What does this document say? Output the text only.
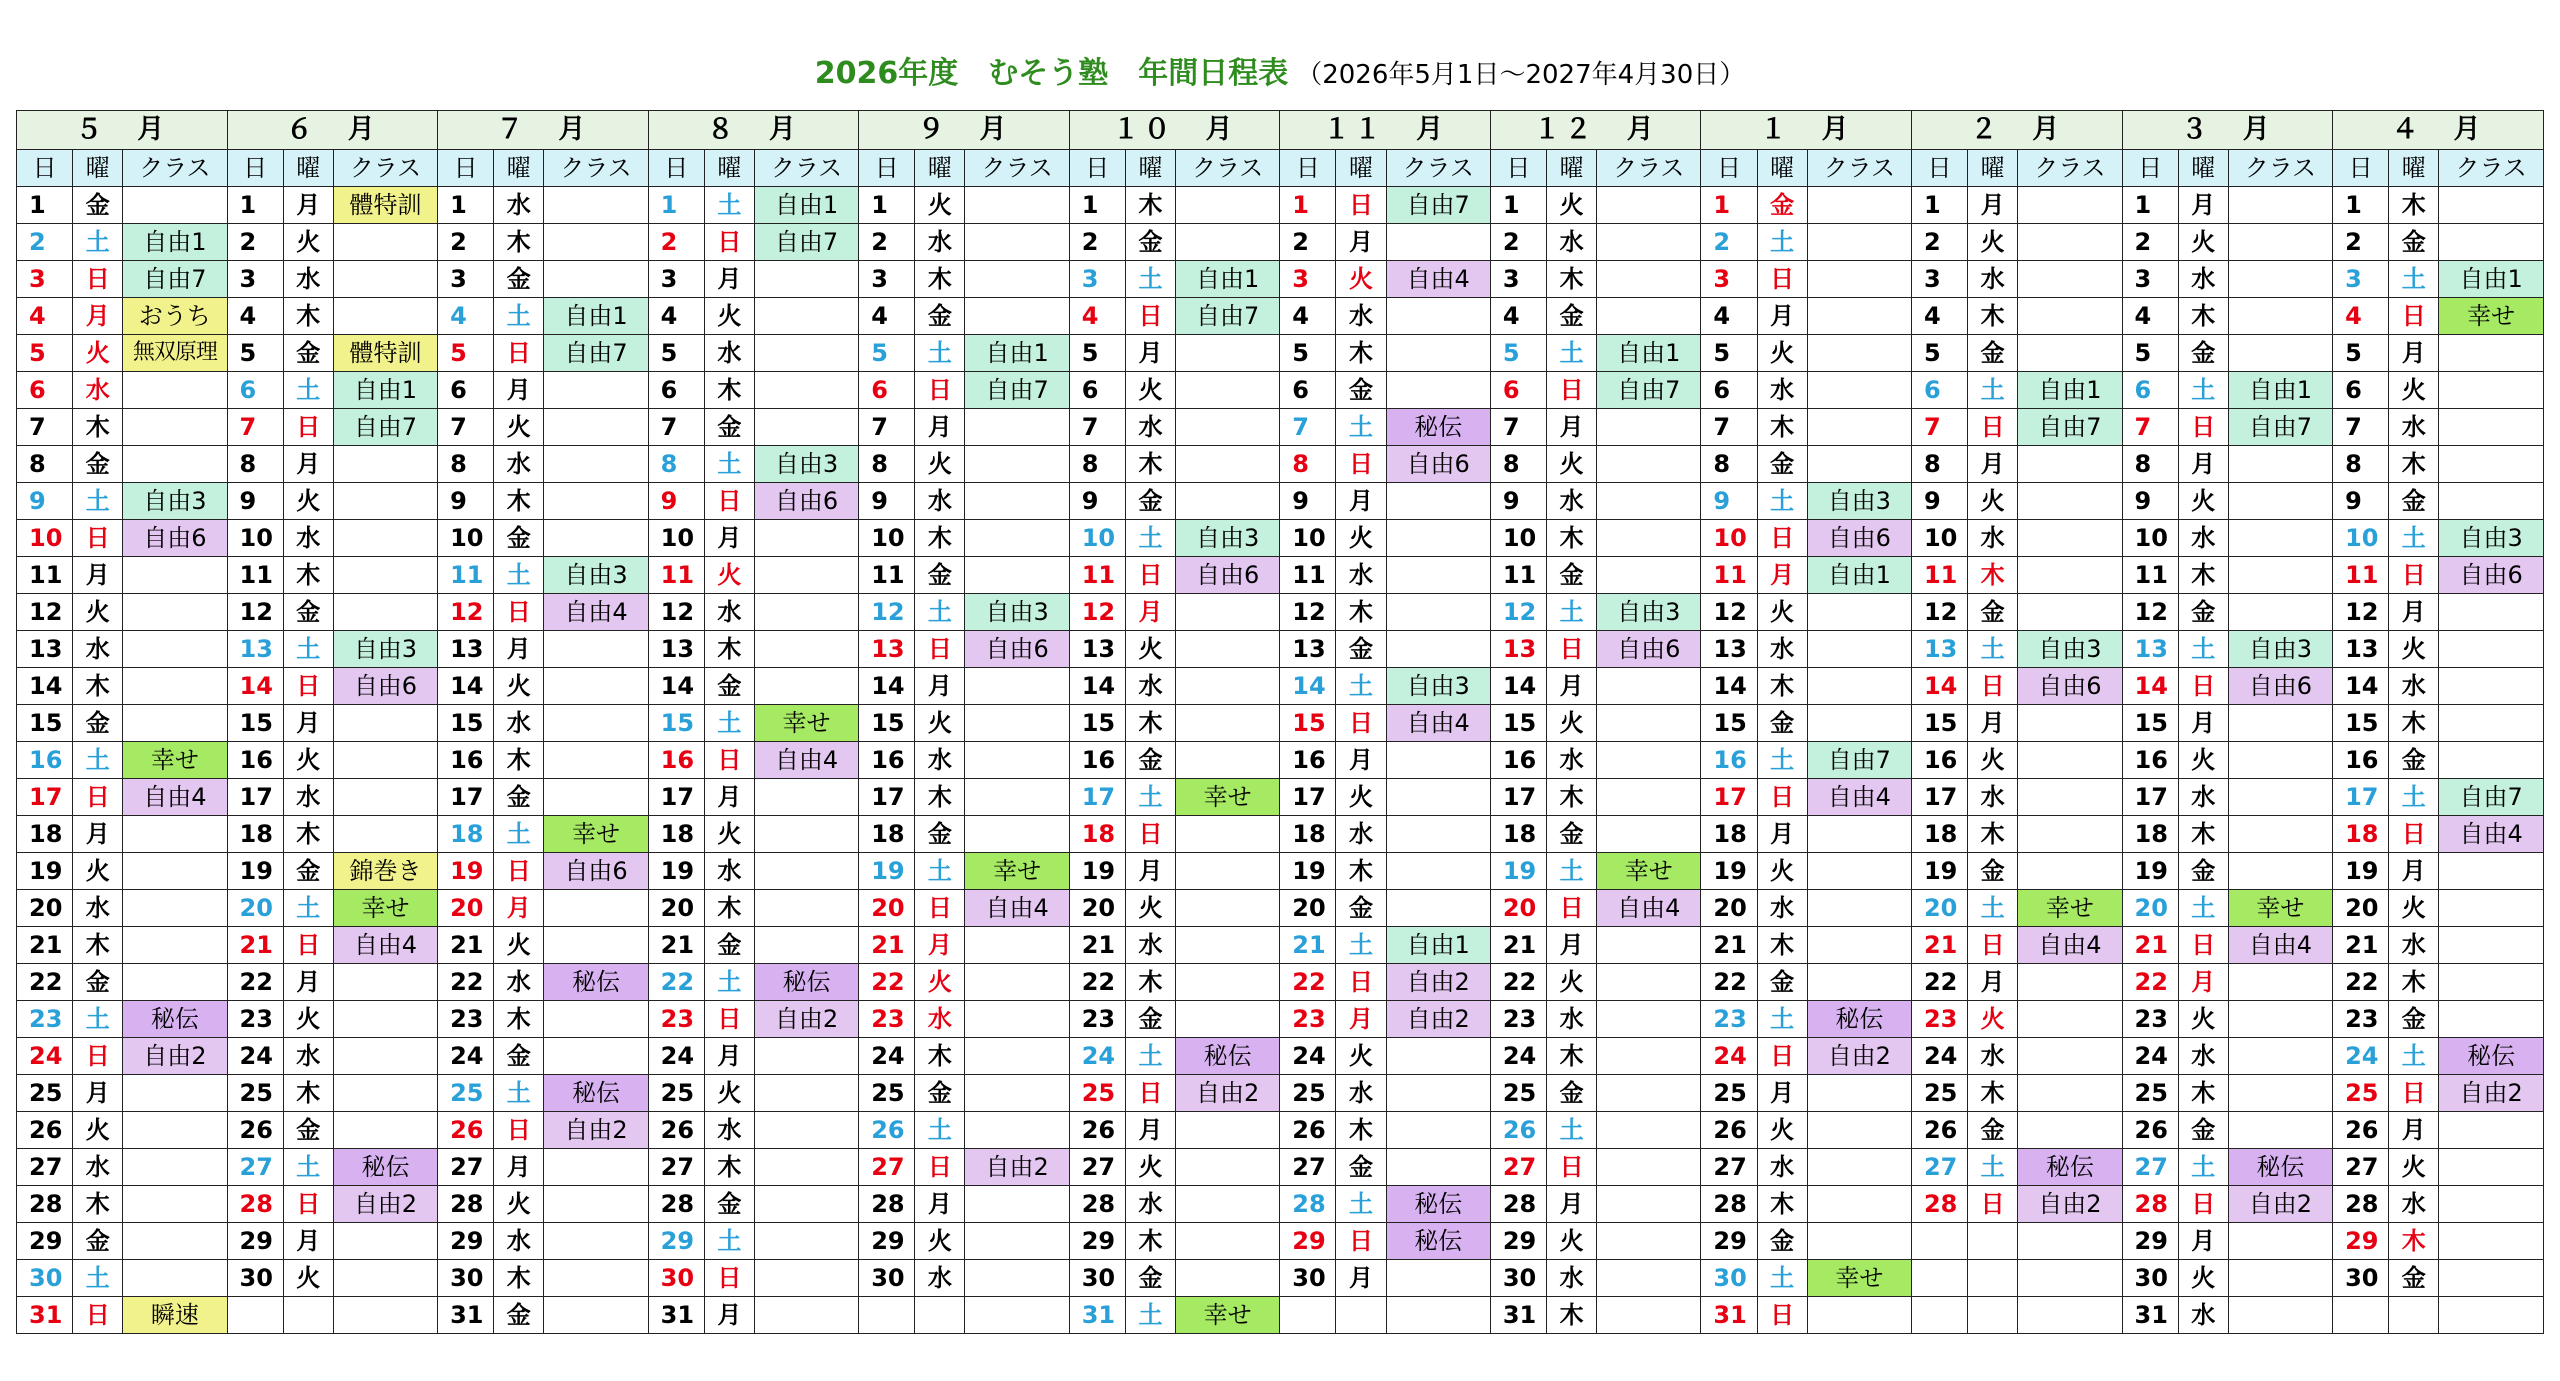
2026年度　むそう塾　年間日程表 （2026年5月1日～2027年4月30日）
５　月			６　月			７　月			８　月			９　月			１０　月			１１　月			１２　月			１　月			２　月			３　月			４　月		
日	曜	クラス	日	曜	クラス	日	曜	クラス	日	曜	クラス	日	曜	クラス	日	曜	クラス	日	曜	クラス	日	曜	クラス	日	曜	クラス	日	曜	クラス	日	曜	クラス	日	曜	クラス
1	金		1	月	體特訓	1	水		1	土	自由1	1	火		1	木		1	日	自由7	1	火		1	金		1	月		1	月		1	木	
2	土	自由1	2	火		2	木		2	日	自由7	2	水		2	金		2	月		2	水		2	土		2	火		2	火		2	金	
3	日	自由7	3	水		3	金		3	月		3	木		3	土	自由1	3	火	自由4	3	木		3	日		3	水		3	水		3	土	自由1
4	月	おうち	4	木		4	土	自由1	4	火		4	金		4	日	自由7	4	水		4	金		4	月		4	木		4	木		4	日	幸せ
5	火	無双原理	5	金	體特訓	5	日	自由7	5	水		5	土	自由1	5	月		5	木		5	土	自由1	5	火		5	金		5	金		5	月	
6	水		6	土	自由1	6	月		6	木		6	日	自由7	6	火		6	金		6	日	自由7	6	水		6	土	自由1	6	土	自由1	6	火	
7	木		7	日	自由7	7	火		7	金		7	月		7	水		7	土	秘伝	7	月		7	木		7	日	自由7	7	日	自由7	7	水	
8	金		8	月		8	水		8	土	自由3	8	火		8	木		8	日	自由6	8	火		8	金		8	月		8	月		8	木	
9	土	自由3	9	火		9	木		9	日	自由6	9	水		9	金		9	月		9	水		9	土	自由3	9	火		9	火		9	金	
10	日	自由6	10	水		10	金		10	月		10	木		10	土	自由3	10	火		10	木		10	日	自由6	10	水		10	水		10	土	自由3
11	月		11	木		11	土	自由3	11	火		11	金		11	日	自由6	11	水		11	金		11	月	自由1	11	木		11	木		11	日	自由6
12	火		12	金		12	日	自由4	12	水		12	土	自由3	12	月		12	木		12	土	自由3	12	火		12	金		12	金		12	月	
13	水		13	土	自由3	13	月		13	木		13	日	自由6	13	火		13	金		13	日	自由6	13	水		13	土	自由3	13	土	自由3	13	火	
14	木		14	日	自由6	14	火		14	金		14	月		14	水		14	土	自由3	14	月		14	木		14	日	自由6	14	日	自由6	14	水	
15	金		15	月		15	水		15	土	幸せ	15	火		15	木		15	日	自由4	15	火		15	金		15	月		15	月		15	木	
16	土	幸せ	16	火		16	木		16	日	自由4	16	水		16	金		16	月		16	水		16	土	自由7	16	火		16	火		16	金	
17	日	自由4	17	水		17	金		17	月		17	木		17	土	幸せ	17	火		17	木		17	日	自由4	17	水		17	水		17	土	自由7
18	月		18	木		18	土	幸せ	18	火		18	金		18	日		18	水		18	金		18	月		18	木		18	木		18	日	自由4
19	火		19	金	錦巻き	19	日	自由6	19	水		19	土	幸せ	19	月		19	木		19	土	幸せ	19	火		19	金		19	金		19	月	
20	水		20	土	幸せ	20	月		20	木		20	日	自由4	20	火		20	金		20	日	自由4	20	水		20	土	幸せ	20	土	幸せ	20	火	
21	木		21	日	自由4	21	火		21	金		21	月		21	水		21	土	自由1	21	月		21	木		21	日	自由4	21	日	自由4	21	水	
22	金		22	月		22	水	秘伝	22	土	秘伝	22	火		22	木		22	日	自由2	22	火		22	金		22	月		22	月		22	木	
23	土	秘伝	23	火		23	木		23	日	自由2	23	水		23	金		23	月	自由2	23	水		23	土	秘伝	23	火		23	火		23	金	
24	日	自由2	24	水		24	金		24	月		24	木		24	土	秘伝	24	火		24	木		24	日	自由2	24	水		24	水		24	土	秘伝
25	月		25	木		25	土	秘伝	25	火		25	金		25	日	自由2	25	水		25	金		25	月		25	木		25	木		25	日	自由2
26	火		26	金		26	日	自由2	26	水		26	土		26	月		26	木		26	土		26	火		26	金		26	金		26	月	
27	水		27	土	秘伝	27	月		27	木		27	日	自由2	27	火		27	金		27	日		27	水		27	土	秘伝	27	土	秘伝	27	火	
28	木		28	日	自由2	28	火		28	金		28	月		28	水		28	土	秘伝	28	月		28	木		28	日	自由2	28	日	自由2	28	水	
29	金		29	月		29	水		29	土		29	火		29	木		29	日	秘伝	29	火		29	金					29	月		29	木	
30	土		30	火		30	木		30	日		30	水		30	金		30	月		30	水		30	土	幸せ				30	火		30	金	
31	日	瞬速				31	金		31	月					31	土	幸せ				31	木		31	日					31	水				
